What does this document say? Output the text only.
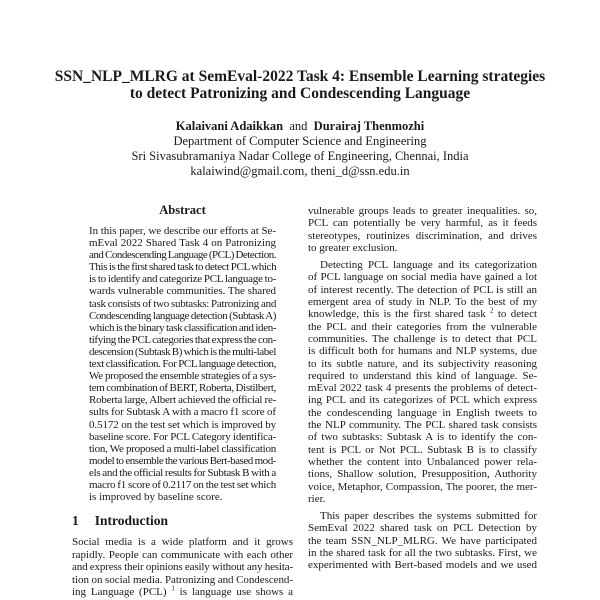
SSN_NLP_MLRG at SemEval-2022 Task 4: Ensemble Learning strategies
to detect Patronizing and Condescending Language
Kalaivani Adaikkan and Durairaj Thenmozhi
Department of Computer Science and Engineering
Sri Sivasubramaniya Nadar College of Engineering, Chennai, India
kalaiwind@gmail.com, theni_d@ssn.edu.in
Abstract
In this paper, we describe our efforts at Se-
mEval 2022 Shared Task 4 on Patronizing
and Condescending Language (PCL) Detection.
This is the first shared task to detect PCL which
is to identify and categorize PCL language to-
wards vulnerable communities. The shared
task consists of two subtasks: Patronizing and
Condescending language detection (Subtask A)
which is the binary task classification and iden-
tifying the PCL categories that express the con-
descension (Subtask B) which is the multi-label
text classification. For PCL language detection,
We proposed the ensemble strategies of a sys-
tem combination of BERT, Roberta, Distilbert,
Roberta large, Albert achieved the official re-
sults for Subtask A with a macro f1 score of
0.5172 on the test set which is improved by
baseline score. For PCL Category identifica-
tion, We proposed a multi-label classification
model to ensemble the various Bert-based mod-
els and the official results for Subtask B with a
macro f1 score of 0.2117 on the test set which
is improved by baseline score.
1 Introduction
Social media is a wide platform and it grows
rapidly. People can communicate with each other
and express their opinions easily without any hesita-
tion on social media. Patronizing and Condescend-
ing Language (PCL) $^1$ is language use shows a
vulnerable groups leads to greater inequalities. so,
PCL can potentially be very harmful, as it feeds
stereotypes, routinizes discrimination, and drives
to greater exclusion.
Detecting PCL language and its categorization
of PCL language on social media have gained a lot
of interest recently. The detection of PCL is still an
emergent area of study in NLP. To the best of my
knowledge, this is the first shared task $^2$ to detect
the PCL and their categories from the vulnerable
communities. The challenge is to detect that PCL
is difficult both for humans and NLP systems, due
to its subtle nature, and its subjectivity reasoning
required to understand this kind of language. Se-
mEval 2022 task 4 presents the problems of detect-
ing PCL and its categorizes of PCL which express
the condescending language in English tweets to
the NLP community. The PCL shared task consists
of two subtasks: Subtask A is to identify the con-
tent is PCL or Not PCL. Subtask B is to classify
whether the content into Unbalanced power rela-
tions, Shallow solution, Presupposition, Authority
voice, Metaphor, Compassion, The poorer, the mer-
rier.
This paper describes the systems submitted for
SemEval 2022 shared task on PCL Detection by
the team SSN_NLP_MLRG. We have participated
in the shared task for all the two subtasks. First, we
experimented with Bert-based models and we used
